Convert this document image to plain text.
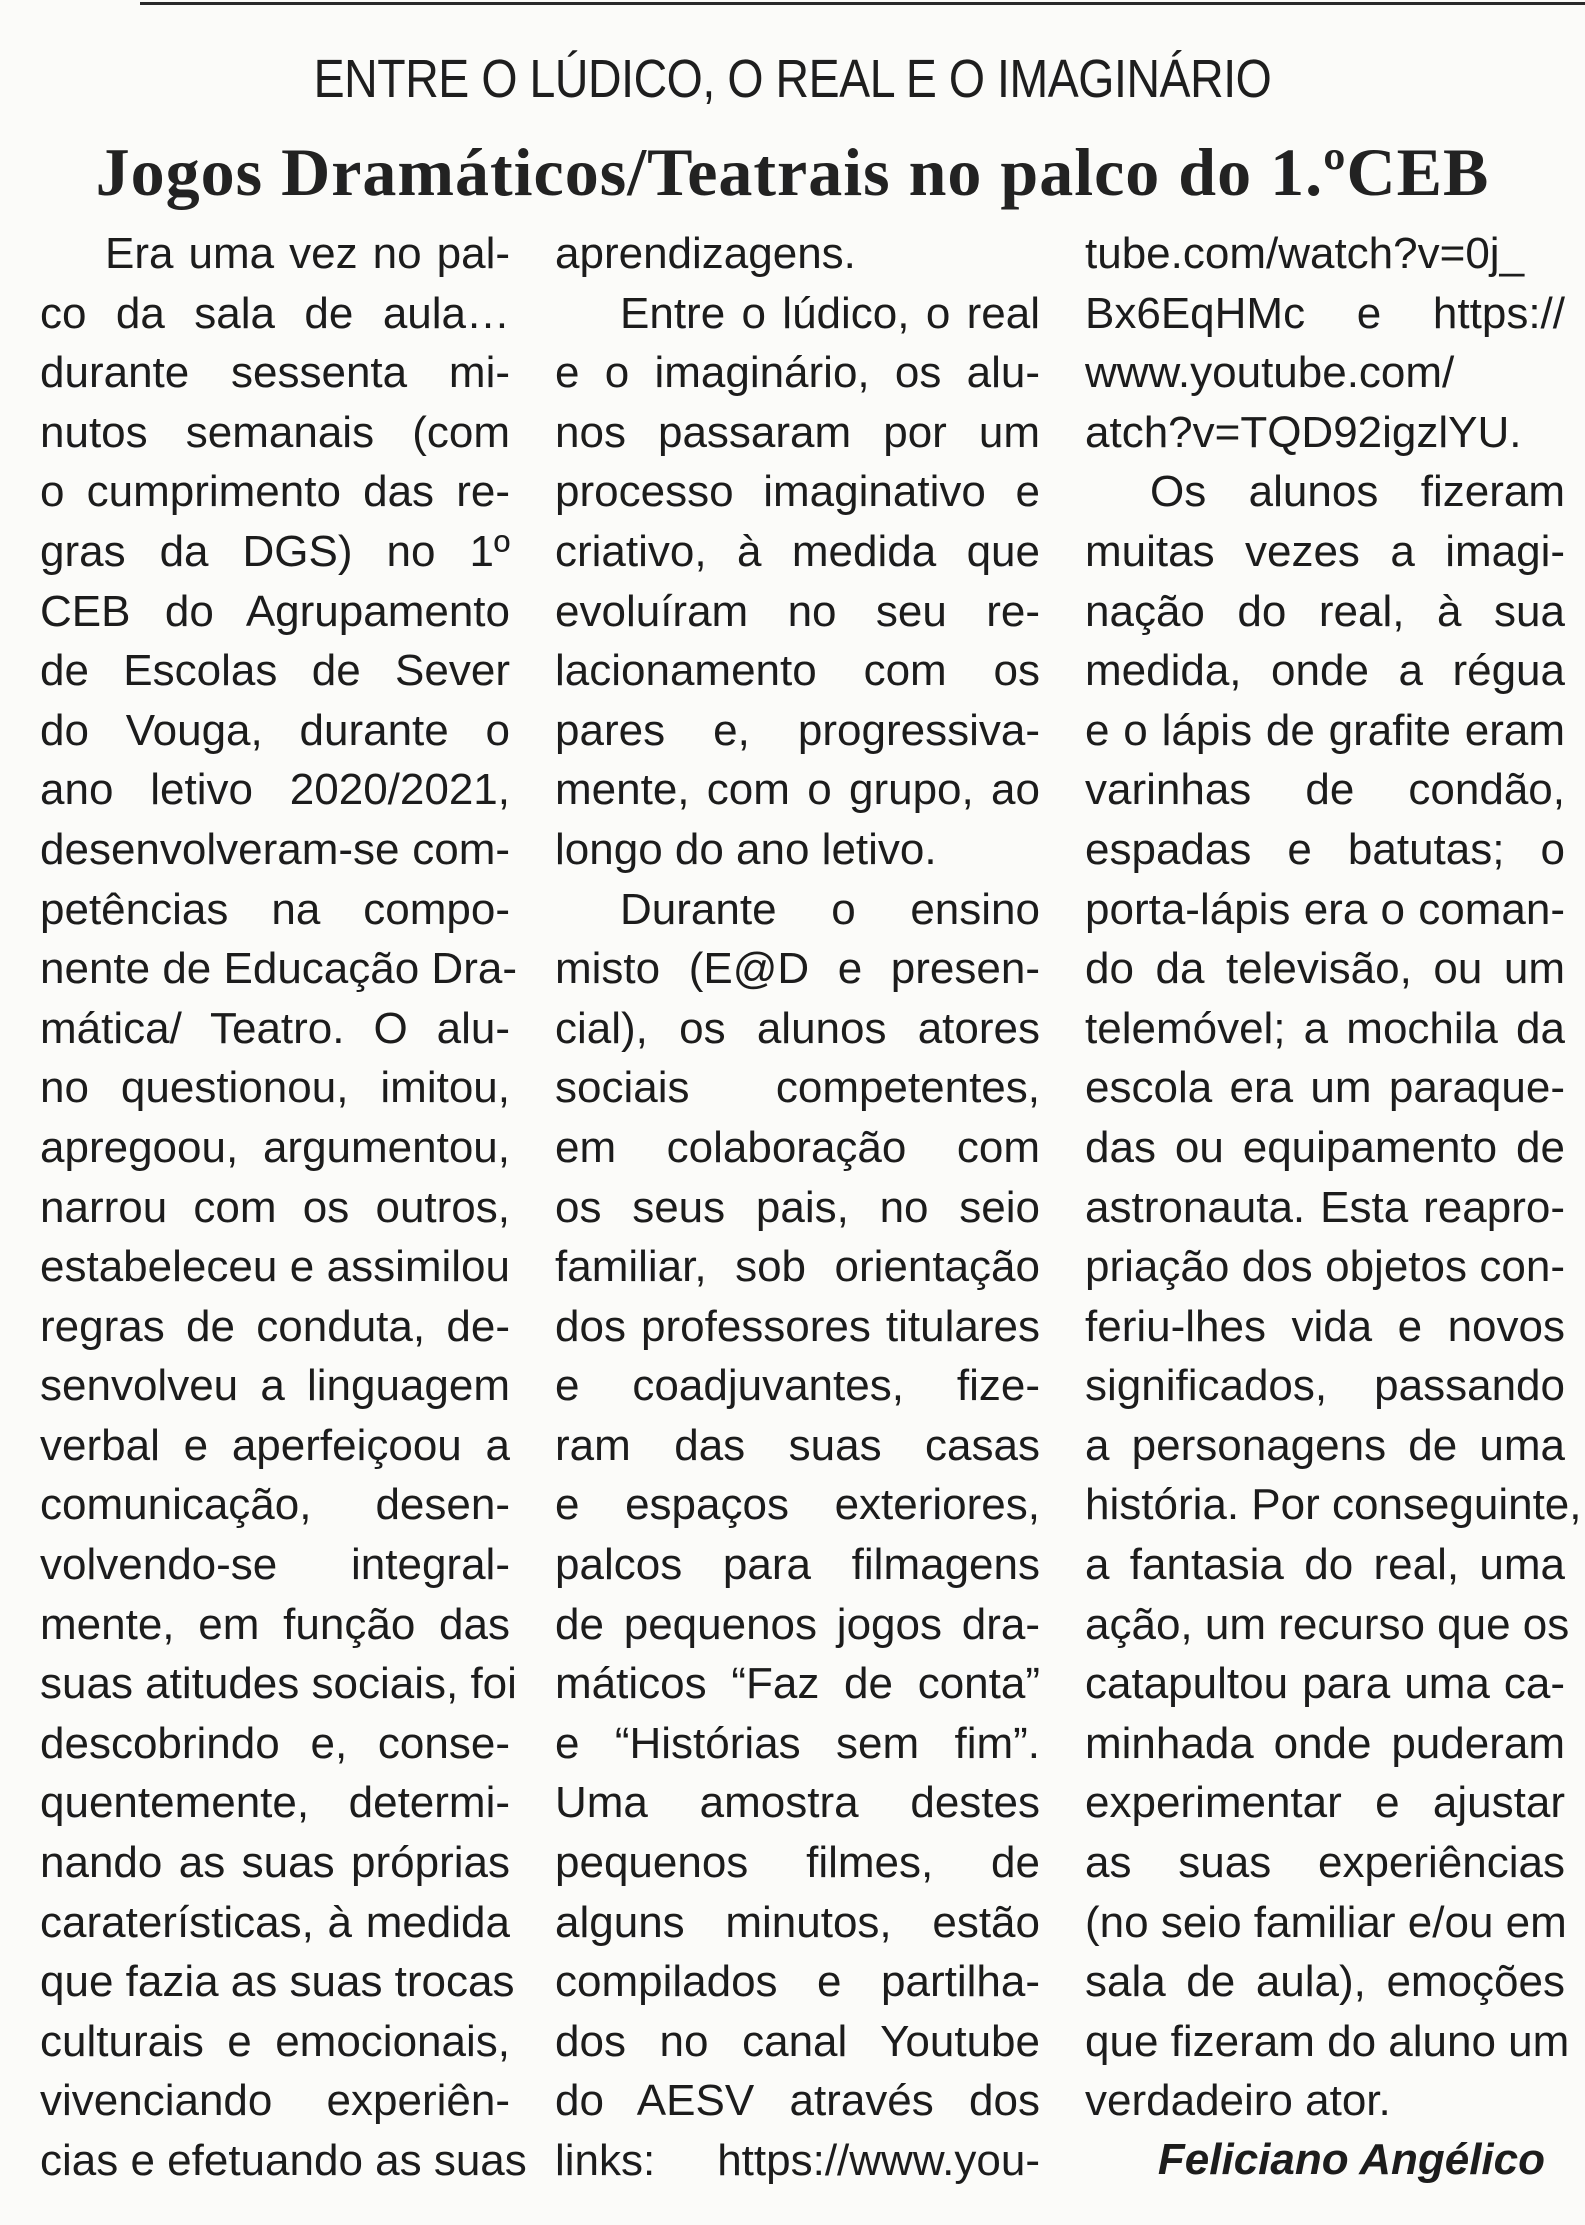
ENTRE O LÚDICO, O REAL E O IMAGINÁRIO
Jogos Dramáticos/Teatrais no palco do 1.ºCEB
Era uma vez no pal-
co da sala de aula…
durante sessenta mi-
nutos semanais (com
o cumprimento das re-
gras da DGS) no 1º
CEB do Agrupamento
de Escolas de Sever
do Vouga, durante o
ano letivo 2020/2021,
desenvolveram-se com-
petências na compo-
nente de Educação Dra-
mática/ Teatro. O alu-
no questionou, imitou,
apregoou, argumentou,
narrou com os outros,
estabeleceu e assimilou
regras de conduta, de-
senvolveu a linguagem
verbal e aperfeiçoou a
comunicação, desen-
volvendo-se integral-
mente, em função das
suas atitudes sociais, foi
descobrindo e, conse-
quentemente, determi-
nando as suas próprias
caraterísticas, à medida
que fazia as suas trocas
culturais e emocionais,
vivenciando experiên-
cias e efetuando as suas
aprendizagens.
Entre o lúdico, o real
e o imaginário, os alu-
nos passaram por um
processo imaginativo e
criativo, à medida que
evoluíram no seu re-
lacionamento com os
pares e, progressiva-
mente, com o grupo, ao
longo do ano letivo.
Durante o ensino
misto (E@D e presen-
cial), os alunos atores
sociais competentes,
em colaboração com
os seus pais, no seio
familiar, sob orientação
dos professores titulares
e coadjuvantes, fize-
ram das suas casas
e espaços exteriores,
palcos para filmagens
de pequenos jogos dra-
máticos “Faz de conta”
e “Histórias sem fim”.
Uma amostra destes
pequenos filmes, de
alguns minutos, estão
compilados e partilha-
dos no canal Youtube
do AESV através dos
links: https://www.you-
tube.com/watch?v=0j_
Bx6EqHMc e https://
www.youtube.com/
atch?v=TQD92igzlYU.
Os alunos fizeram
muitas vezes a imagi-
nação do real, à sua
medida, onde a régua
e o lápis de grafite eram
varinhas de condão,
espadas e batutas; o
porta-lápis era o coman-
do da televisão, ou um
telemóvel; a mochila da
escola era um paraque-
das ou equipamento de
astronauta. Esta reapro-
priação dos objetos con-
feriu-lhes vida e novos
significados, passando
a personagens de uma
história. Por conseguinte,
a fantasia do real, uma
ação, um recurso que os
catapultou para uma ca-
minhada onde puderam
experimentar e ajustar
as suas experiências
(no seio familiar e/ou em
sala de aula), emoções
que fizeram do aluno um
verdadeiro ator.
Feliciano Angélico
